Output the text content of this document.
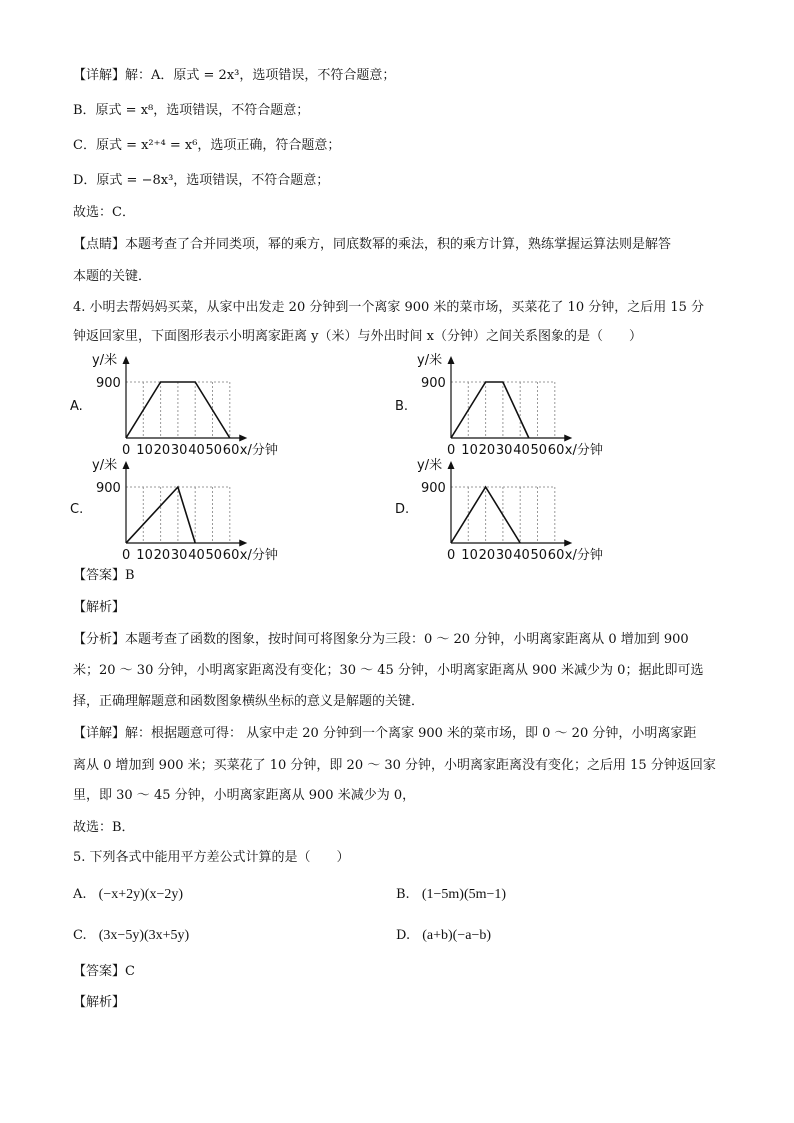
【详解】解：A．原式 = 2x³，选项错误，不符合题意；
B．原式 = x⁸，选项错误，不符合题意；
C．原式 = x²⁺⁴ = x⁶，选项正确，符合题意；
D．原式 = −8x³，选项错误，不符合题意；
故选：C．
【点睛】本题考查了合并同类项，幂的乘方，同底数幂的乘法，积的乘方计算，熟练掌握运算法则是解答
本题的关键．
4. 小明去帮妈妈买菜，从家中出发走 20 分钟到一个离家 900 米的菜市场，买菜花了 10 分钟，之后用 15 分
钟返回家里，下面图形表示小明离家距离 y（米）与外出时间 x（分钟）之间关系图象的是（　　）
A.
y/米
900
0 10 20 30 40 50 60 x/分钟
B.
y/米
900
0 10 20 30 40 50 60 x/分钟
C.
y/米
900
0 10 20 30 40 50 60 x/分钟
D.
y/米
900
0 10 20 30 40 50 60 x/分钟
【答案】B
【解析】
【分析】本题考查了函数的图象，按时间可将图象分为三段：0 ～ 20 分钟，小明离家距离从 0 增加到 900
米；20 ～ 30 分钟，小明离家距离没有变化；30 ～ 45 分钟，小明离家距离从 900 米减少为 0；据此即可选
择，正确理解题意和函数图象横纵坐标的意义是解题的关键．
【详解】解：根据题意可得： 从家中走 20 分钟到一个离家 900 米的菜市场，即 0 ～ 20 分钟，小明离家距
离从 0 增加到 900 米；买菜花了 10 分钟，即 20 ～ 30 分钟，小明离家距离没有变化；之后用 15 分钟返回家
里，即 30 ～ 45 分钟，小明离家距离从 900 米减少为 0，
故选：B．
5. 下列各式中能用平方差公式计算的是（　　）
A. (−x+2y)(x−2y)	B. (1−5m)(5m−1)
C. (3x−5y)(3x+5y)	D. (a+b)(−a−b)
【答案】C
【解析】
